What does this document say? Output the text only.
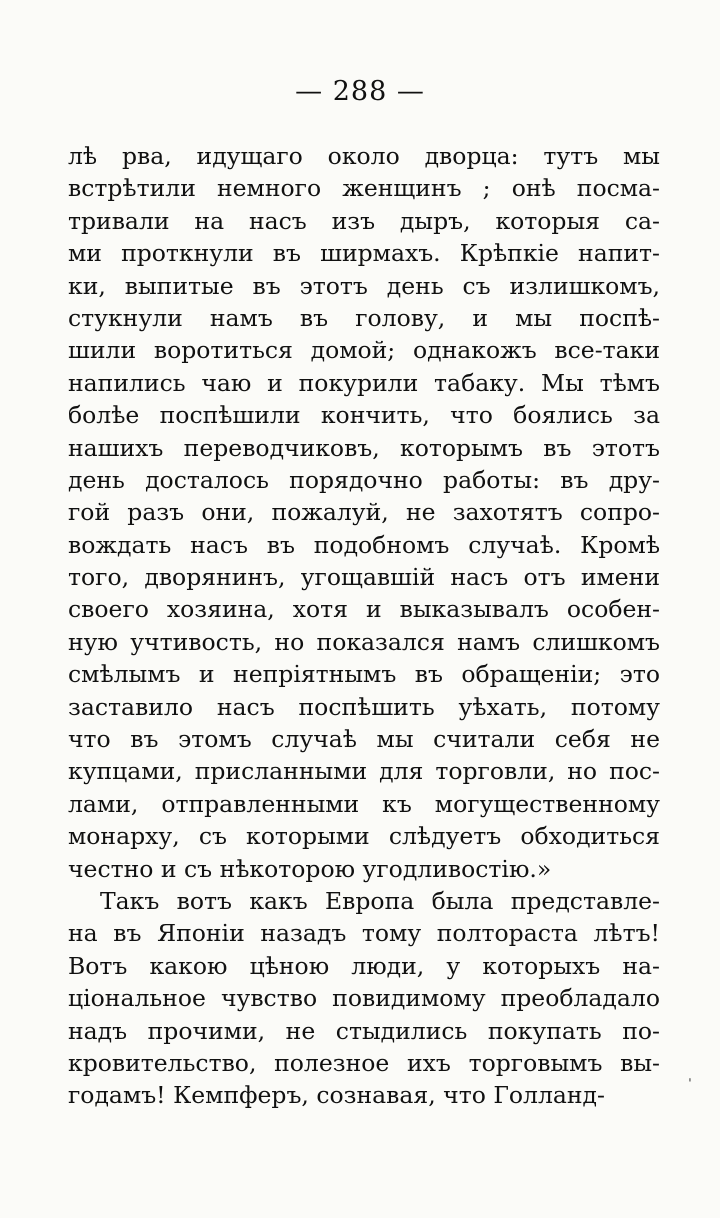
— 288 —
лѣ рва, идущаго около дворца: тутъ мы
встрѣтили немного женщинъ ; онѣ посма-
тривали на насъ изъ дыръ, которыя са-
ми проткнули въ ширмахъ. Крѣпкіе напит-
ки, выпитые въ этотъ день съ излишкомъ,
стукнули намъ въ голову, и мы поспѣ-
шили воротиться домой; однакожъ все-таки
напились чаю и покурили табаку. Мы тѣмъ
болѣе поспѣшили кончить, что боялись за
нашихъ переводчиковъ, которымъ въ этотъ
день досталось порядочно работы: въ дру-
гой разъ они, пожалуй, не захотятъ сопро-
вождать насъ въ подобномъ случаѣ. Кромѣ
того, дворянинъ, угощавшій насъ отъ имени
своего хозяина, хотя и выказывалъ особен-
ную учтивость, но показался намъ слишкомъ
смѣлымъ и непріятнымъ въ обращеніи; это
заставило насъ поспѣшить уѣхать, потому
что въ этомъ случаѣ мы считали себя не
купцами, присланными для торговли, но пос-
лами, отправленными къ могущественному
монарху, съ которыми слѣдуетъ обходиться
честно и съ нѣкоторою угодливостію.»
Такъ вотъ какъ Европа была представле-
на въ Японіи назадъ тому полтораста лѣтъ!
Вотъ какою цѣною люди, у которыхъ на-
ціональное чувство повидимому преобладало
надъ прочими, не стыдились покупать по-
кровительство, полезное ихъ торговымъ вы-
годамъ! Кемпферъ, сознавая, что Голланд-
ˌ
